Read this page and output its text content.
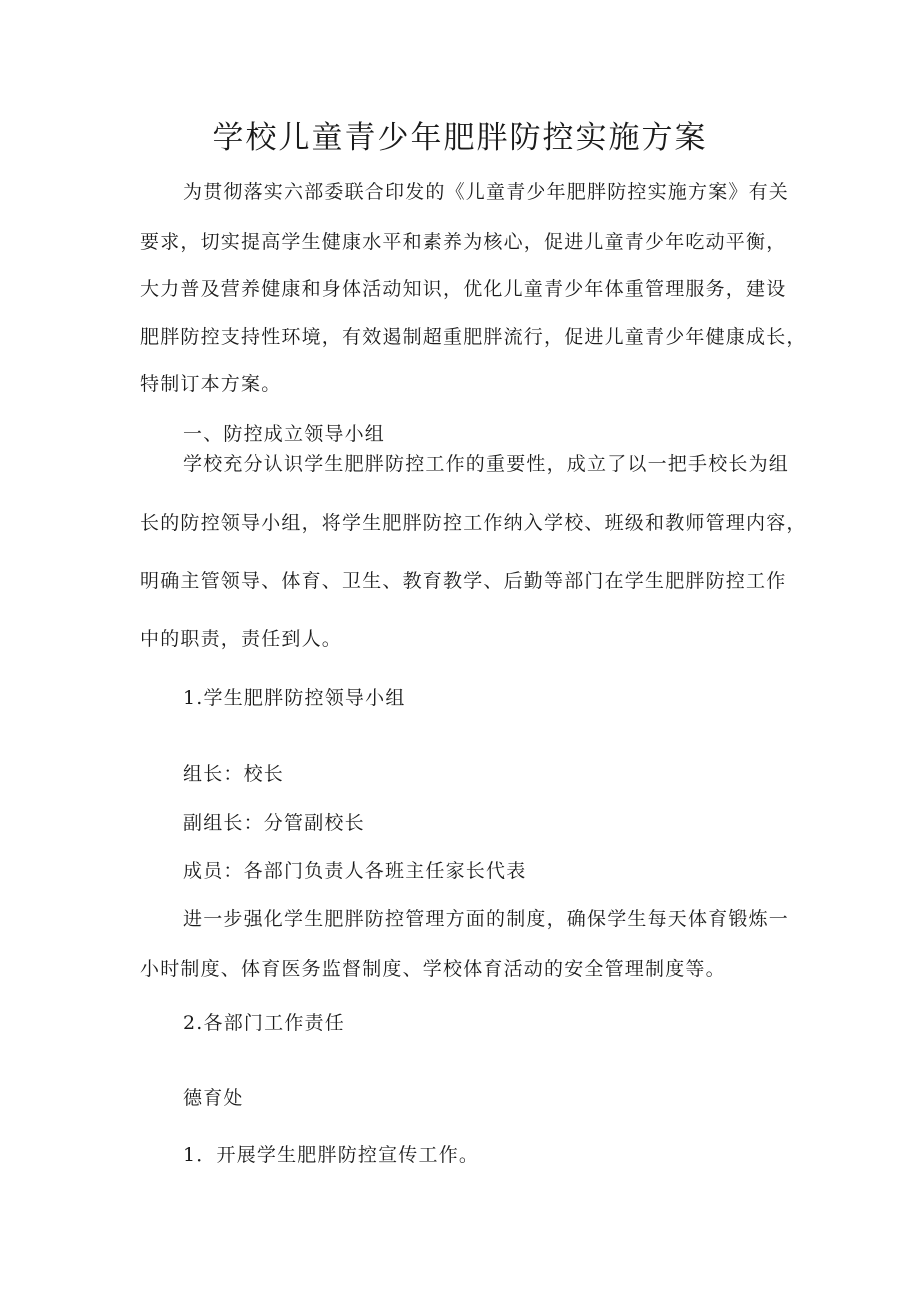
学校儿童青少年肥胖防控实施方案

为贯彻落实六部委联合印发的《儿童青少年肥胖防控实施方案》有关

要求，切实提高学生健康水平和素养为核心，促进儿童青少年吃动平衡，

大力普及营养健康和身体活动知识，优化儿童青少年体重管理服务，建设

肥胖防控支持性环境，有效遏制超重肥胖流行，促进儿童青少年健康成长，

特制订本方案。

一、防控成立领导小组

学校充分认识学生肥胖防控工作的重要性，成立了以一把手校长为组

长的防控领导小组，将学生肥胖防控工作纳入学校、班级和教师管理内容，

明确主管领导、体育、卫生、教育教学、后勤等部门在学生肥胖防控工作

中的职责，责任到人。

1.学生肥胖防控领导小组

组长：校长

副组长：分管副校长

成员：各部门负责人各班主任家长代表

进一步强化学生肥胖防控管理方面的制度，确保学生每天体育锻炼一

小时制度、体育医务监督制度、学校体育活动的安全管理制度等。

2.各部门工作责任

德育处

1．开展学生肥胖防控宣传工作。
